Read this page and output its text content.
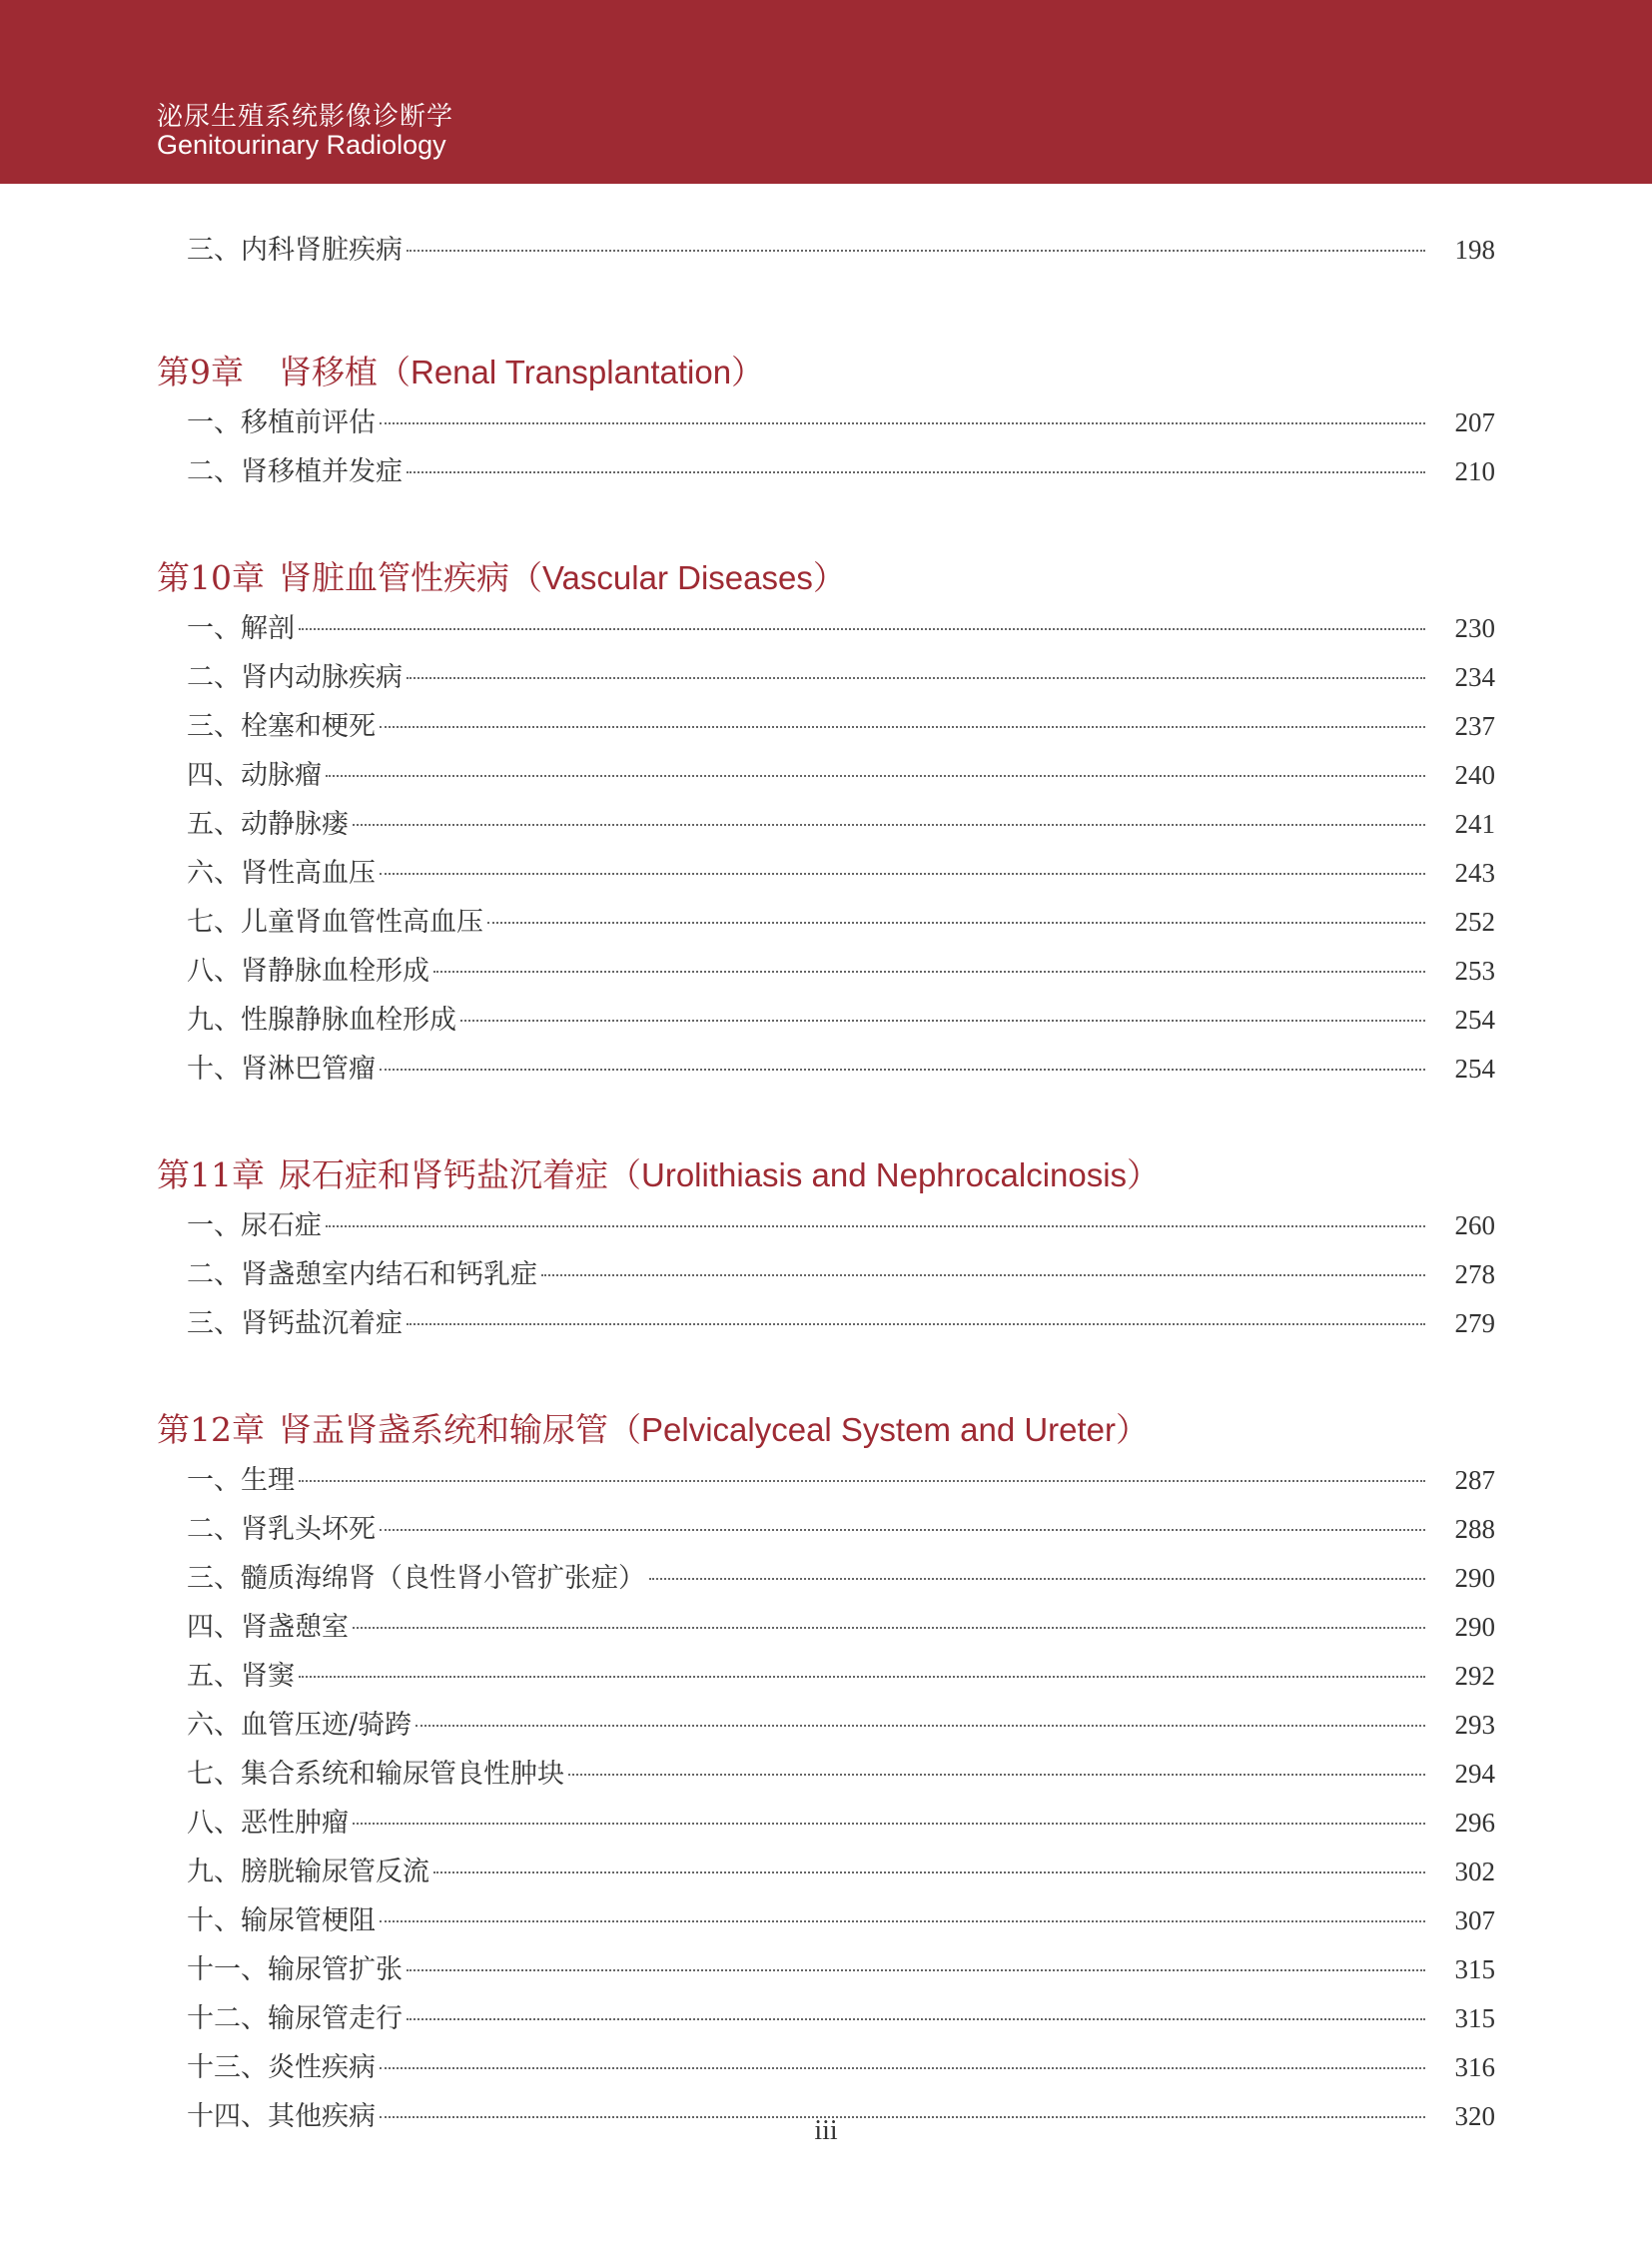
泌尿生殖系统影像诊断学
Genitourinary Radiology
三、内科肾脏疾病	198
第9章 肾移植（Renal Transplantation）
一、移植前评估	207
二、肾移植并发症	210
第10章 肾脏血管性疾病（Vascular Diseases）
一、解剖	230
二、肾内动脉疾病	234
三、栓塞和梗死	237
四、动脉瘤	240
五、动静脉瘘	241
六、肾性高血压	243
七、儿童肾血管性高血压	252
八、肾静脉血栓形成	253
九、性腺静脉血栓形成	254
十、肾淋巴管瘤	254
第11章 尿石症和肾钙盐沉着症（Urolithiasis and Nephrocalcinosis）
一、尿石症	260
二、肾盏憩室内结石和钙乳症	278
三、肾钙盐沉着症	279
第12章 肾盂肾盏系统和输尿管（Pelvicalyceal System and Ureter）
一、生理	287
二、肾乳头坏死	288
三、髓质海绵肾（良性肾小管扩张症）	290
四、肾盏憩室	290
五、肾窦	292
六、血管压迹/骑跨	293
七、集合系统和输尿管良性肿块	294
八、恶性肿瘤	296
九、膀胱输尿管反流	302
十、输尿管梗阻	307
十一、输尿管扩张	315
十二、输尿管走行	315
十三、炎性疾病	316
十四、其他疾病	320
iii
